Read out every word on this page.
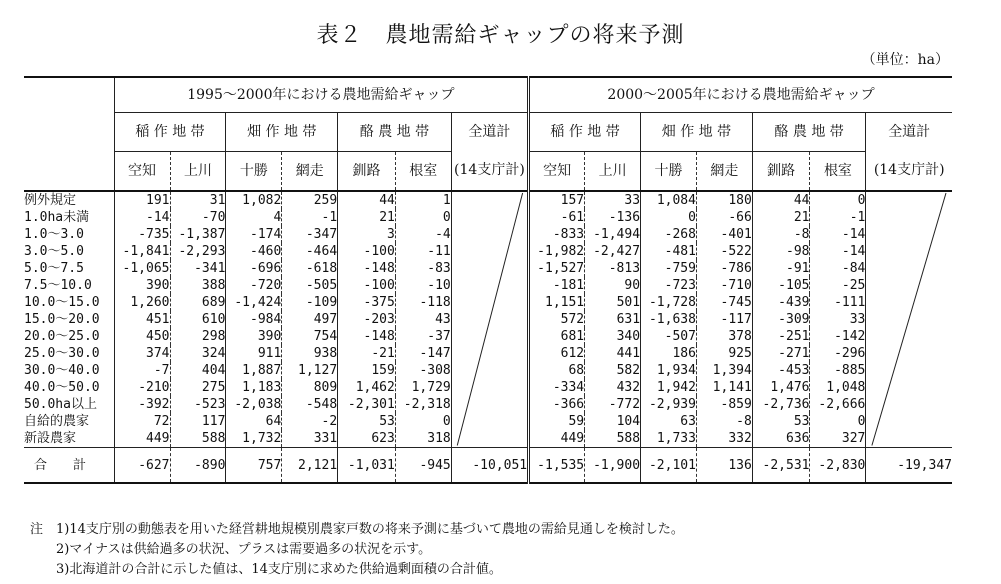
表２　農地需給ギャップの将来予測
（単位：ha）
	1995～2000年における農地需給ギャップ							2000～2005年における農地需給ギャップ						
	稲 作 地 帯		畑 作 地 帯		酪 農 地 帯		全道計	稲 作 地 帯		畑 作 地 帯		酪 農 地 帯		全道計
	空知	上川	十勝	網走	釧路	根室	(14支庁計)	空知	上川	十勝	網走	釧路	根室	(14支庁計)
例外規定	191	31	1,082	259	44	1		157	33	1,084	180	44	0	
1.0ha未満	-14	-70	4	-1	21	0		-61	-136	0	-66	21	-1	
1.0～3.0	-735	-1,387	-174	-347	3	-4		-833	-1,494	-268	-401	-8	-14	
3.0～5.0	-1,841	-2,293	-460	-464	-100	-11		-1,982	-2,427	-481	-522	-98	-14	
5.0～7.5	-1,065	-341	-696	-618	-148	-83		-1,527	-813	-759	-786	-91	-84	
7.5～10.0	390	388	-720	-505	-100	-10		-181	90	-723	-710	-105	-25	
10.0～15.0	1,260	689	-1,424	-109	-375	-118		1,151	501	-1,728	-745	-439	-111	
15.0～20.0	451	610	-984	497	-203	43		572	631	-1,638	-117	-309	33	
20.0～25.0	450	298	390	754	-148	-37		681	340	-507	378	-251	-142	
25.0～30.0	374	324	911	938	-21	-147		612	441	186	925	-271	-296	
30.0～40.0	-7	404	1,887	1,127	159	-308		68	582	1,934	1,394	-453	-885	
40.0～50.0	-210	275	1,183	809	1,462	1,729		-334	432	1,942	1,141	1,476	1,048	
50.0ha以上	-392	-523	-2,038	-548	-2,301	-2,318		-366	-772	-2,939	-859	-2,736	-2,666	
自給的農家	72	117	64	-2	53	0		59	104	63	-8	53	0	
新設農家	449	588	1,732	331	623	318		449	588	1,733	332	636	327	
合　　計	-627	-890	757	2,121	-1,031	-945	-10,051	-1,535	-1,900	-2,101	136	-2,531	-2,830	-19,347
注　1)14支庁別の動態表を用いた経営耕地規模別農家戸数の将来予測に基づいて農地の需給見通しを検討した。
　　2)マイナスは供給過多の状況、プラスは需要過多の状況を示す。
　　3)北海道計の合計に示した値は、14支庁別に求めた供給過剰面積の合計値。
